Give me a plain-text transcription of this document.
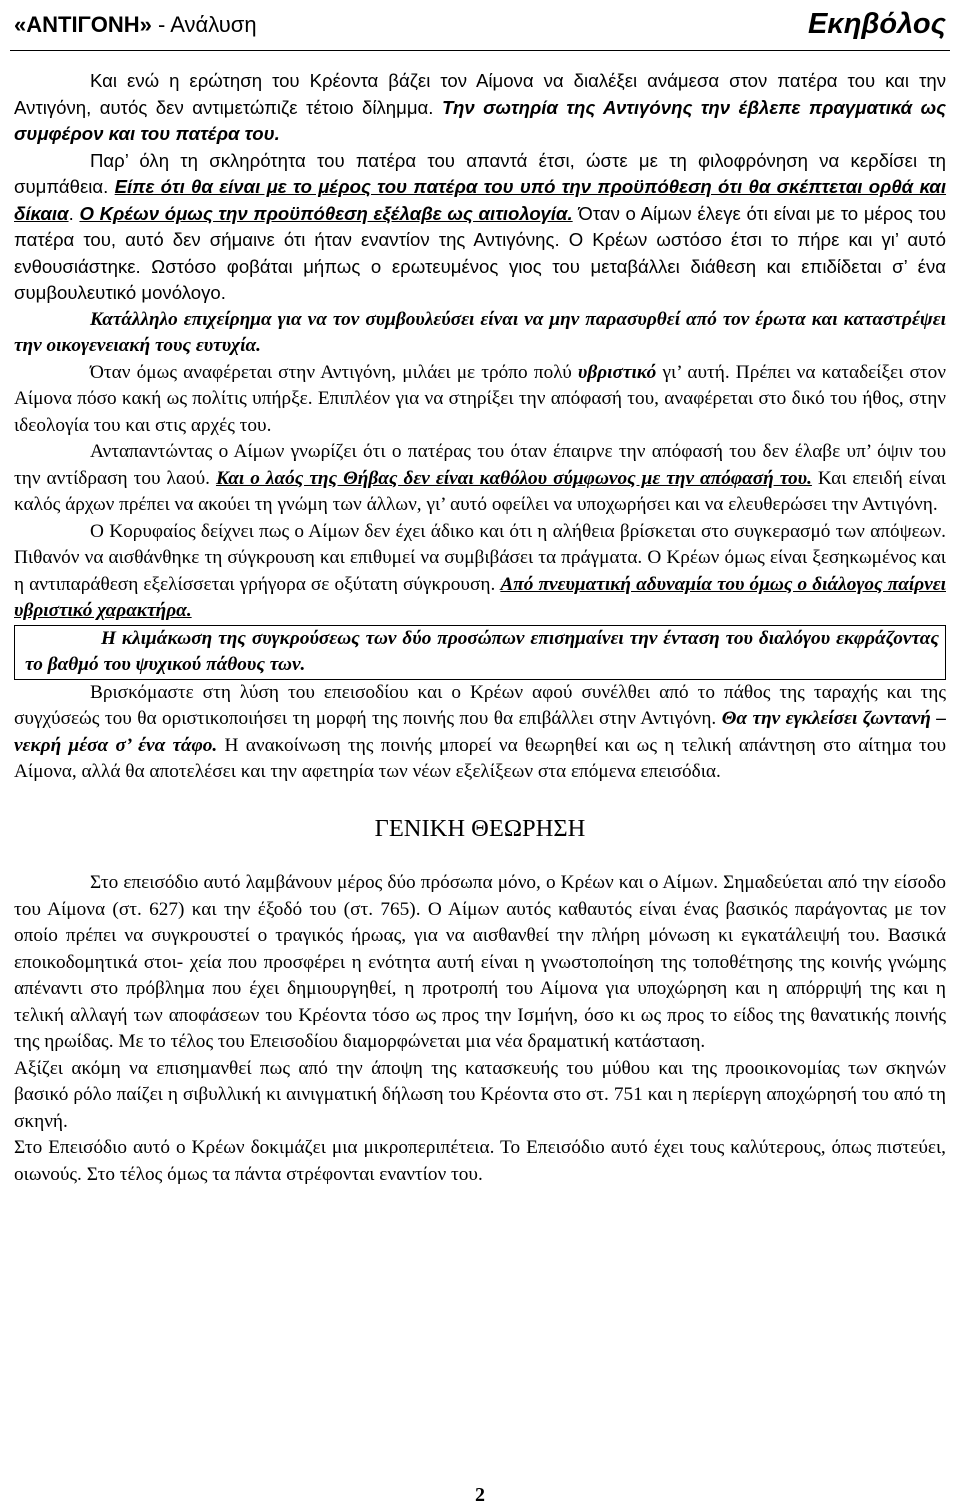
«ΑΝΤΙΓΟΝΗ» - Ανάλυση	Εκηβόλος

Και ενώ η ερώτηση του Κρέοντα βάζει τον Αίμονα να διαλέξει ανάμεσα στον πατέρα του και την Αντιγόνη, αυτός δεν αντιμετώπιζε τέτοιο δίλημμα. Την σωτηρία της Αντιγόνης την έβλεπε πραγματικά ως συμφέρον και του πατέρα του.

Παρ’ όλη τη σκληρότητα του πατέρα του απαντά έτσι, ώστε με τη φιλοφρόνηση να κερδίσει τη συμπάθεια. Είπε ότι θα είναι με το μέρος του πατέρα του υπό την προϋπόθεση ότι θα σκέπτεται ορθά και δίκαια. Ο Κρέων όμως την προϋπόθεση εξέλαβε ως αιτιολογία. Όταν ο Αίμων έλεγε ότι είναι με το μέρος του πατέρα του, αυτό δεν σήμαινε ότι ήταν εναντίον της Αντιγόνης. Ο Κρέων ωστόσο έτσι το πήρε και γι’ αυτό ενθουσιάστηκε. Ωστόσο φοβάται μήπως ο ερωτευμένος γιος του μεταβάλλει διάθεση και επιδίδεται σ’ ένα συμβουλευτικό μονόλογο.

Κατάλληλο επιχείρημα για να τον συμβουλεύσει είναι να μην παρασυρθεί από τον έρωτα και καταστρέψει την οικογενειακή τους ευτυχία.

Όταν όμως αναφέρεται στην Αντιγόνη, μιλάει με τρόπο πολύ υβριστικό γι’ αυτή. Πρέπει να καταδείξει στον Αίμονα πόσο κακή ως πολίτις υπήρξε. Επιπλέον για να στηρίξει την απόφασή του, αναφέρεται στο δικό του ήθος, στην ιδεολογία του και στις αρχές του.

Ανταπαντώντας ο Αίμων γνωρίζει ότι ο πατέρας του όταν έπαιρνε την απόφασή του δεν έλαβε υπ’ όψιν του την αντίδραση του λαού. Και ο λαός της Θήβας δεν είναι καθόλου σύμφωνος με την απόφασή του. Και επειδή είναι καλός άρχων πρέπει να ακούει τη γνώμη των άλλων, γι’ αυτό οφείλει να υποχωρήσει και να ελευθερώσει την Αντιγόνη.

Ο Κορυφαίος δείχνει πως ο Αίμων δεν έχει άδικο και ότι η αλήθεια βρίσκεται στο συγκερασμό των απόψεων. Πιθανόν να αισθάνθηκε τη σύγκρουση και επιθυμεί να συμβιβάσει τα πράγματα. Ο Κρέων όμως είναι ξεσηκωμένος και η αντιπαράθεση εξελίσσεται γρήγορα σε οξύτατη σύγκρουση. Από πνευματική αδυναμία του όμως ο διάλογος παίρνει υβριστικό χαρακτήρα.

Η κλιμάκωση της συγκρούσεως των δύο προσώπων επισημαίνει την ένταση του διαλόγου εκφράζοντας το βαθμό του ψυχικού πάθους των.

Βρισκόμαστε στη λύση του επεισοδίου και ο Κρέων αφού συνέλθει από το πάθος της ταραχής και της συγχύσεώς του θα οριστικοποιήσει τη μορφή της ποινής που θα επιβάλλει στην Αντιγόνη. Θα την εγκλείσει ζωντανή – νεκρή μέσα σ’ ένα τάφο. Η ανακοίνωση της ποινής μπορεί να θεωρηθεί και ως η τελική απάντηση στο αίτημα του Αίμονα, αλλά θα αποτελέσει και την αφετηρία των νέων εξελίξεων στα επόμενα επεισόδια.

ΓΕΝΙΚΗ ΘΕΩΡΗΣΗ

Στο επεισόδιο αυτό λαμβάνουν μέρος δύο πρόσωπα μόνο, ο Κρέων και ο Αίμων. Σημαδεύεται από την είσοδο του Αίμονα (στ. 627) και την έξοδό του (στ. 765). Ο Αίμων αυτός καθαυτός είναι ένας βασικός παράγοντας με τον οποίο πρέπει να συγκρουστεί ο τραγικός ήρωας, για να αισθανθεί την πλήρη μόνωση κι εγκατάλειψή του. Βασικά εποικοδομητικά στοι- χεία που προσφέρει η ενότητα αυτή είναι η γνωστοποίηση της τοποθέτησης της κοινής γνώμης απέναντι στο πρόβλημα που έχει δημιουργηθεί, η προτροπή του Αίμονα για υποχώρηση και η απόρριψή της και η τελική αλλαγή των αποφάσεων του Κρέοντα τόσο ως προς την Ισμήνη, όσο κι ως προς το είδος της θανατικής ποινής της ηρωίδας. Με το τέλος του Επεισοδίου διαμορφώνεται μια νέα δραματική κατάσταση.

Αξίζει ακόμη να επισημανθεί πως από την άποψη της κατασκευής του μύθου και της προοικονομίας των σκηνών βασικό ρόλο παίζει η σιβυλλική κι αινιγματική δήλωση του Κρέοντα στο στ. 751 και η περίεργη αποχώρησή του από τη σκηνή.

Στο Επεισόδιο αυτό ο Κρέων δοκιμάζει μια μικροπεριπέτεια. Το Επεισόδιο αυτό έχει τους καλύτερους, όπως πιστεύει, οιωνούς. Στο τέλος όμως τα πάντα στρέφονται εναντίον του.

2
